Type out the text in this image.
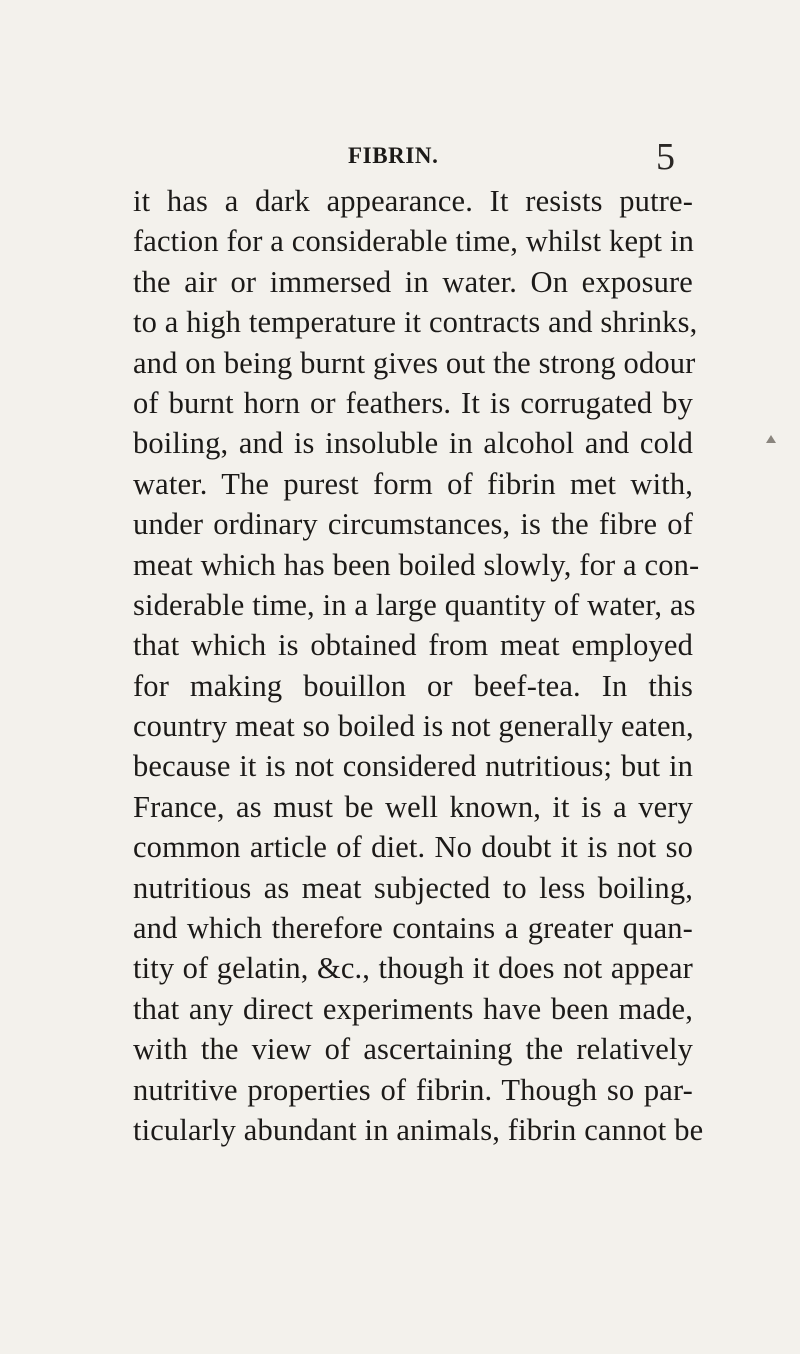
FIBRIN.	5
it has a dark appearance. It resists putre-
faction for a considerable time, whilst kept in
the air or immersed in water. On exposure
to a high temperature it contracts and shrinks,
and on being burnt gives out the strong odour
of burnt horn or feathers. It is corrugated by
boiling, and is insoluble in alcohol and cold
water. The purest form of fibrin met with,
under ordinary circumstances, is the fibre of
meat which has been boiled slowly, for a con-
siderable time, in a large quantity of water, as
that which is obtained from meat employed
for making bouillon or beef-tea. In this
country meat so boiled is not generally eaten,
because it is not considered nutritious; but in
France, as must be well known, it is a very
common article of diet. No doubt it is not so
nutritious as meat subjected to less boiling,
and which therefore contains a greater quan-
tity of gelatin, &c., though it does not appear
that any direct experiments have been made,
with the view of ascertaining the relatively
nutritive properties of fibrin. Though so par-
ticularly abundant in animals, fibrin cannot be
